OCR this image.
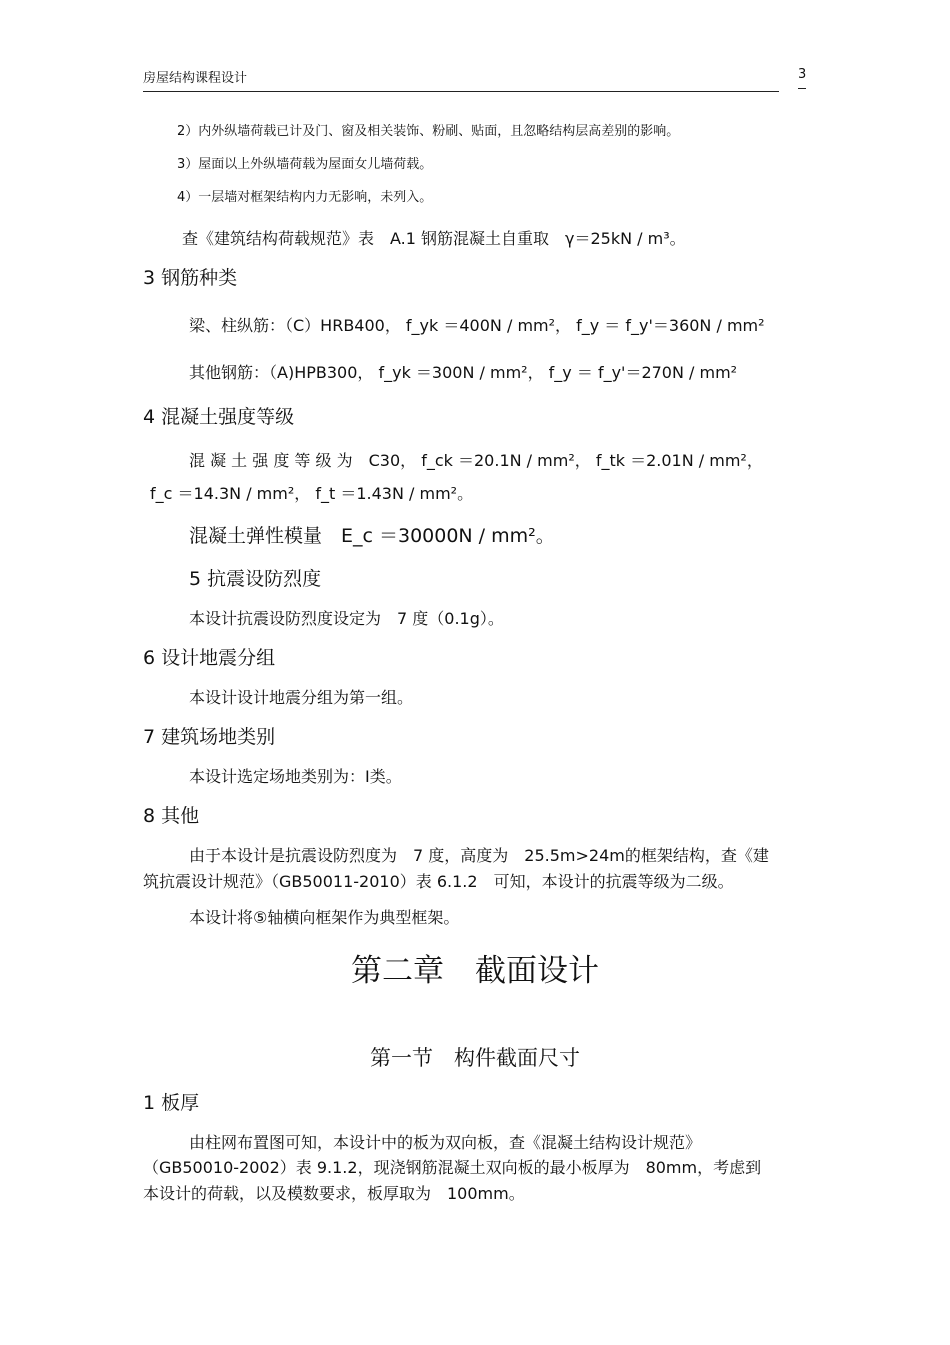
房屋结构课程设计	3
2）内外纵墙荷载已计及门、窗及相关装饰、粉刷、贴面，且忽略结构层高差别的影响。
3）屋面以上外纵墙荷载为屋面女儿墙荷载。
4）一层墙对框架结构内力无影响，未列入。
查《建筑结构荷载规范》表　A.1 钢筋混凝土自重取　γ＝25kN / m³。
3 钢筋种类
梁、柱纵筋：（C）HRB400， f_yk ＝400N / mm²， f_y ＝ f_y'＝360N / mm²
其他钢筋：（A)HPB300， f_yk ＝300N / mm²， f_y ＝ f_y'＝270N / mm²
4 混凝土强度等级
混 凝 土 强 度 等 级 为　C30， f_ck ＝20.1N / mm²， f_tk ＝2.01N / mm²，
f_c ＝14.3N / mm²， f_t ＝1.43N / mm²。
混凝土弹性模量　E_c ＝30000N / mm²。
5 抗震设防烈度
本设计抗震设防烈度设定为　7 度（0.1g）。
6 设计地震分组
本设计设计地震分组为第一组。
7 建筑场地类别
本设计选定场地类别为：Ⅰ类。
8 其他
由于本设计是抗震设防烈度为　7 度，高度为　25.5m>24m的框架结构，查《建
筑抗震设计规范》（GB50011-2010）表 6.1.2　可知，本设计的抗震等级为二级。
本设计将⑤轴横向框架作为典型框架。
第二章　截面设计
第一节　构件截面尺寸
1 板厚
由柱网布置图可知，本设计中的板为双向板，查《混凝土结构设计规范》
（GB50010-2002）表 9.1.2，现浇钢筋混凝土双向板的最小板厚为　80mm，考虑到
本设计的荷载，以及模数要求，板厚取为　100mm。
